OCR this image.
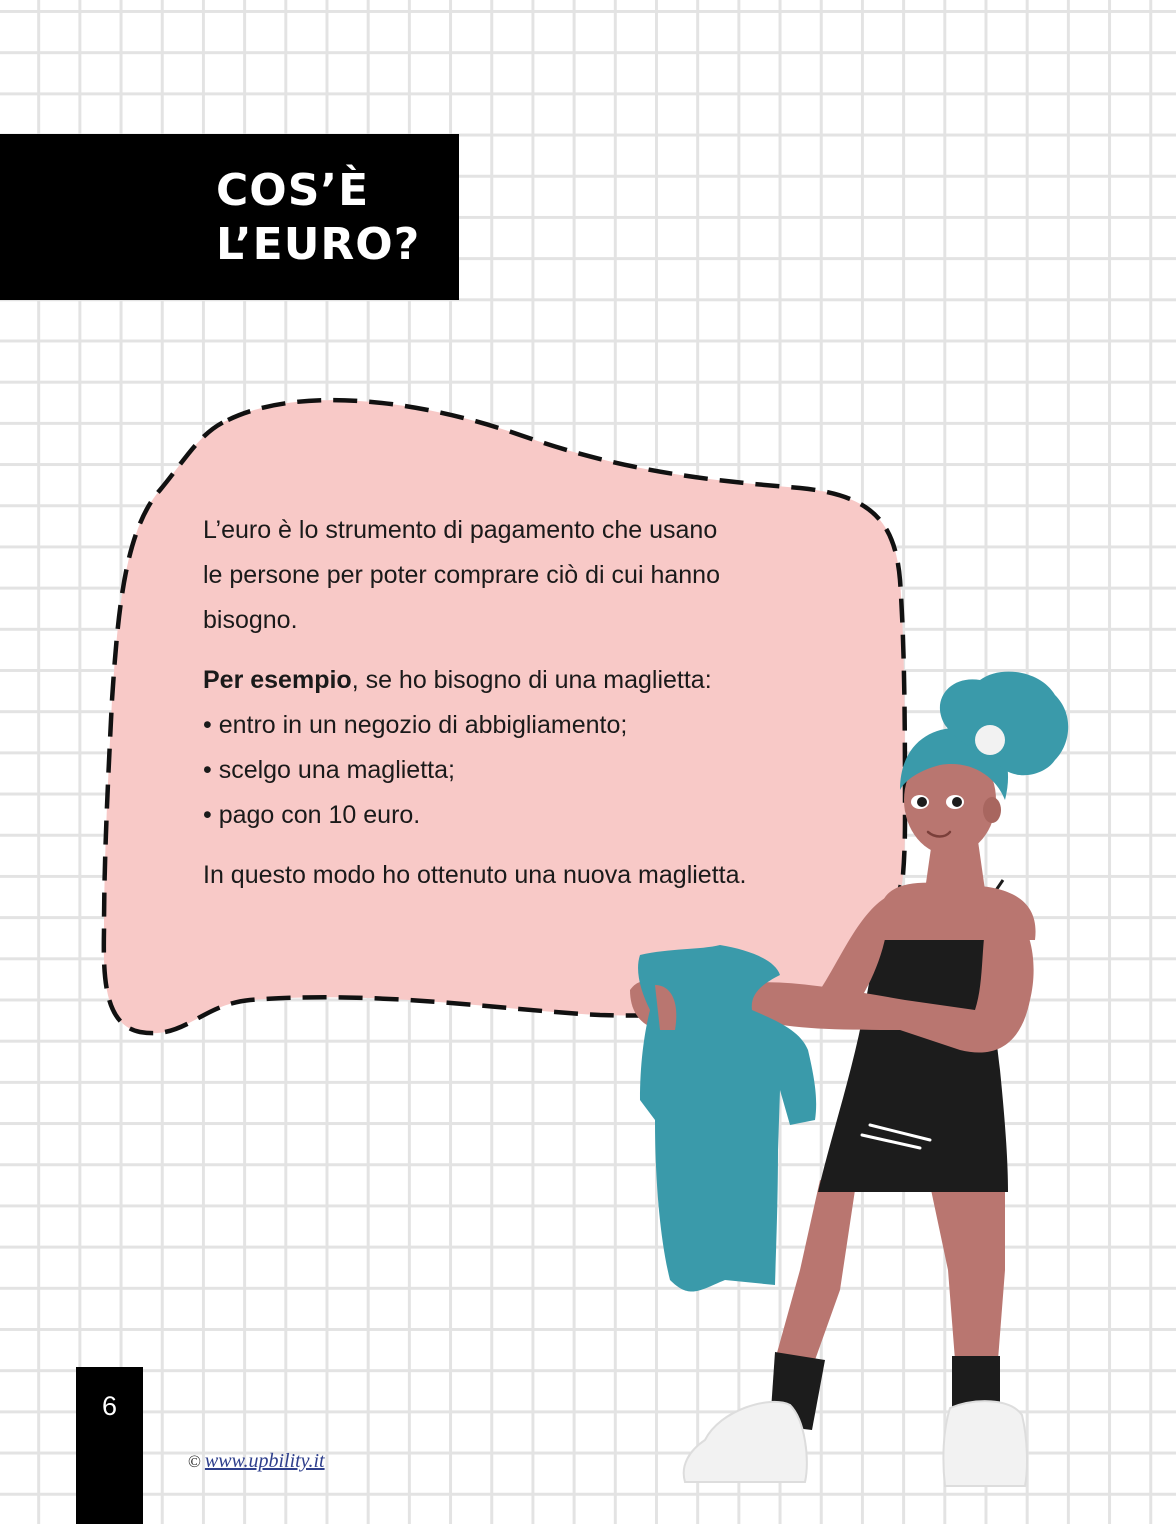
COS’È
L’EURO?

L’euro è lo strumento di pagamento che usano

le persone per poter comprare ciò di cui hanno

bisogno.

Per esempio, se ho bisogno di una maglietta:

• entro in un negozio di abbigliamento;

• scelgo una maglietta;

• pago con 10 euro.

In questo modo ho ottenuto una nuova maglietta.

6
© www.upbility.it
